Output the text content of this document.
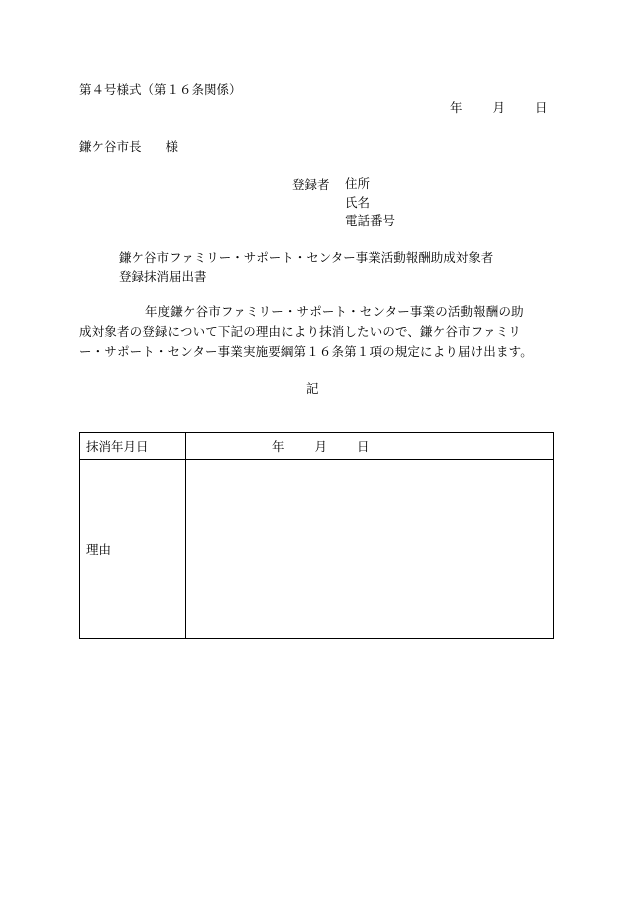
第４号様式（第１６条関係）
年 月 日
鎌ケ谷市長 様
登録者 住所
氏名
電話番号
鎌ケ谷市ファミリー・サポート・センター事業活動報酬助成対象者
登録抹消届出書
年度鎌ケ谷市ファミリー・サポート・センター事業の活動報酬の助
成対象者の登録について下記の理由により抹消したいので、鎌ケ谷市ファミリ
ー・サポート・センター事業実施要綱第１６条第１項の規定により届け出ます。
記
抹消年月日	年 月 日
理由	
